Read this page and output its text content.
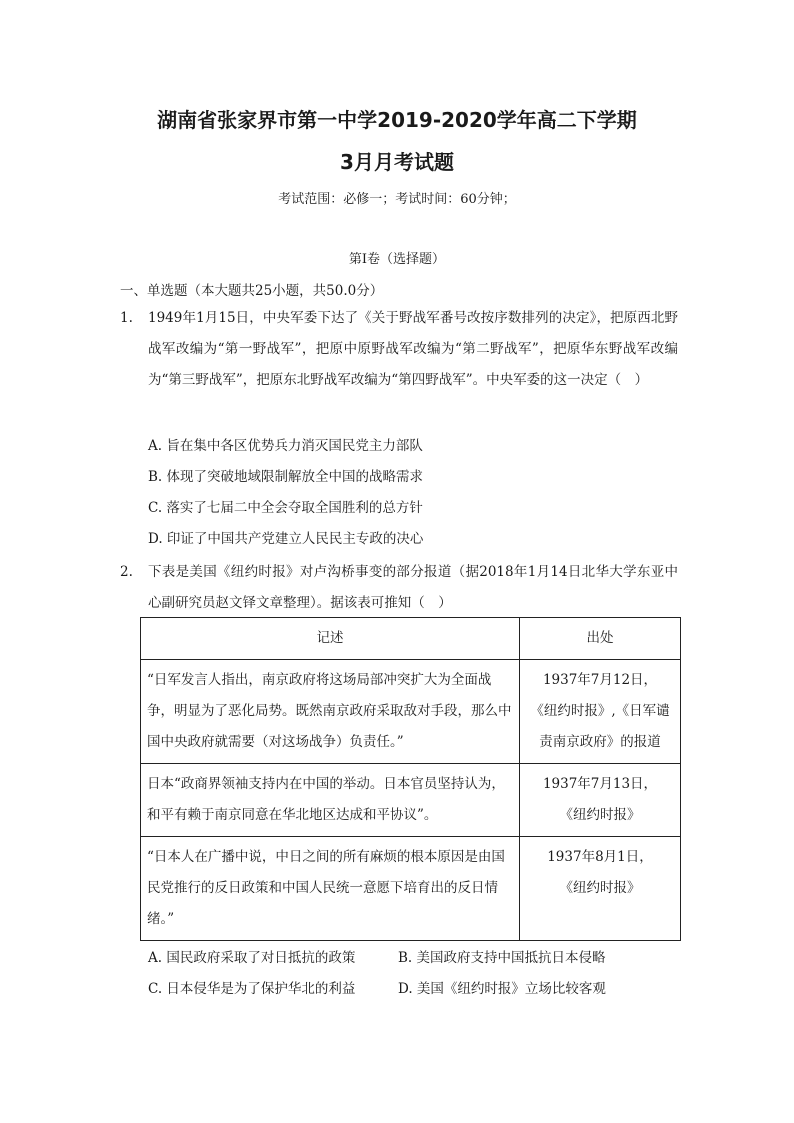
湖南省张家界市第一中学2019-2020学年高二下学期
3月月考试题
考试范围：必修一；考试时间：60分钟；
第Ⅰ卷（选择题）
一、单选题（本大题共25小题，共50.0分）
1. 1949年1月15日，中央军委下达了《关于野战军番号改按序数排列的决定》，把原西北野战军改编为“第一野战军”，把原中原野战军改编为“第二野战军”，把原华东野战军改编为“第三野战军”，把原东北野战军改编为“第四野战军”。中央军委的这一决定（　）
A. 旨在集中各区优势兵力消灭国民党主力部队
B. 体现了突破地域限制解放全中国的战略需求
C. 落实了七届二中全会夺取全国胜利的总方针
D. 印证了中国共产党建立人民民主专政的决心
2. 下表是美国《纽约时报》对卢沟桥事变的部分报道（据2018年1月14日北华大学东亚中心副研究员赵文铎文章整理）。据该表可推知（　）
记述	出处
“日军发言人指出，南京政府将这场局部冲突扩大为全面战争，明显为了恶化局势。既然南京政府采取敌对手段，那么中国中央政府就需要（对这场战争）负责任。”	1937年7月12日，
《纽约时报》,《日军谴责南京政府》的报道

日本“政商界领袖支持内在中国的举动。日本官员坚持认为，和平有赖于南京同意在华北地区达成和平协议”。	1937年7月13日，
《纽约时报》

“日本人在广播中说，中日之间的所有麻烦的根本原因是由国民党推行的反日政策和中国人民统一意愿下培育出的反日情绪。”	1937年8月1日，
《纽约时报》
A. 国民政府采取了对日抵抗的政策	B. 美国政府支持中国抵抗日本侵略
C. 日本侵华是为了保护华北的利益	D. 美国《纽约时报》立场比较客观
